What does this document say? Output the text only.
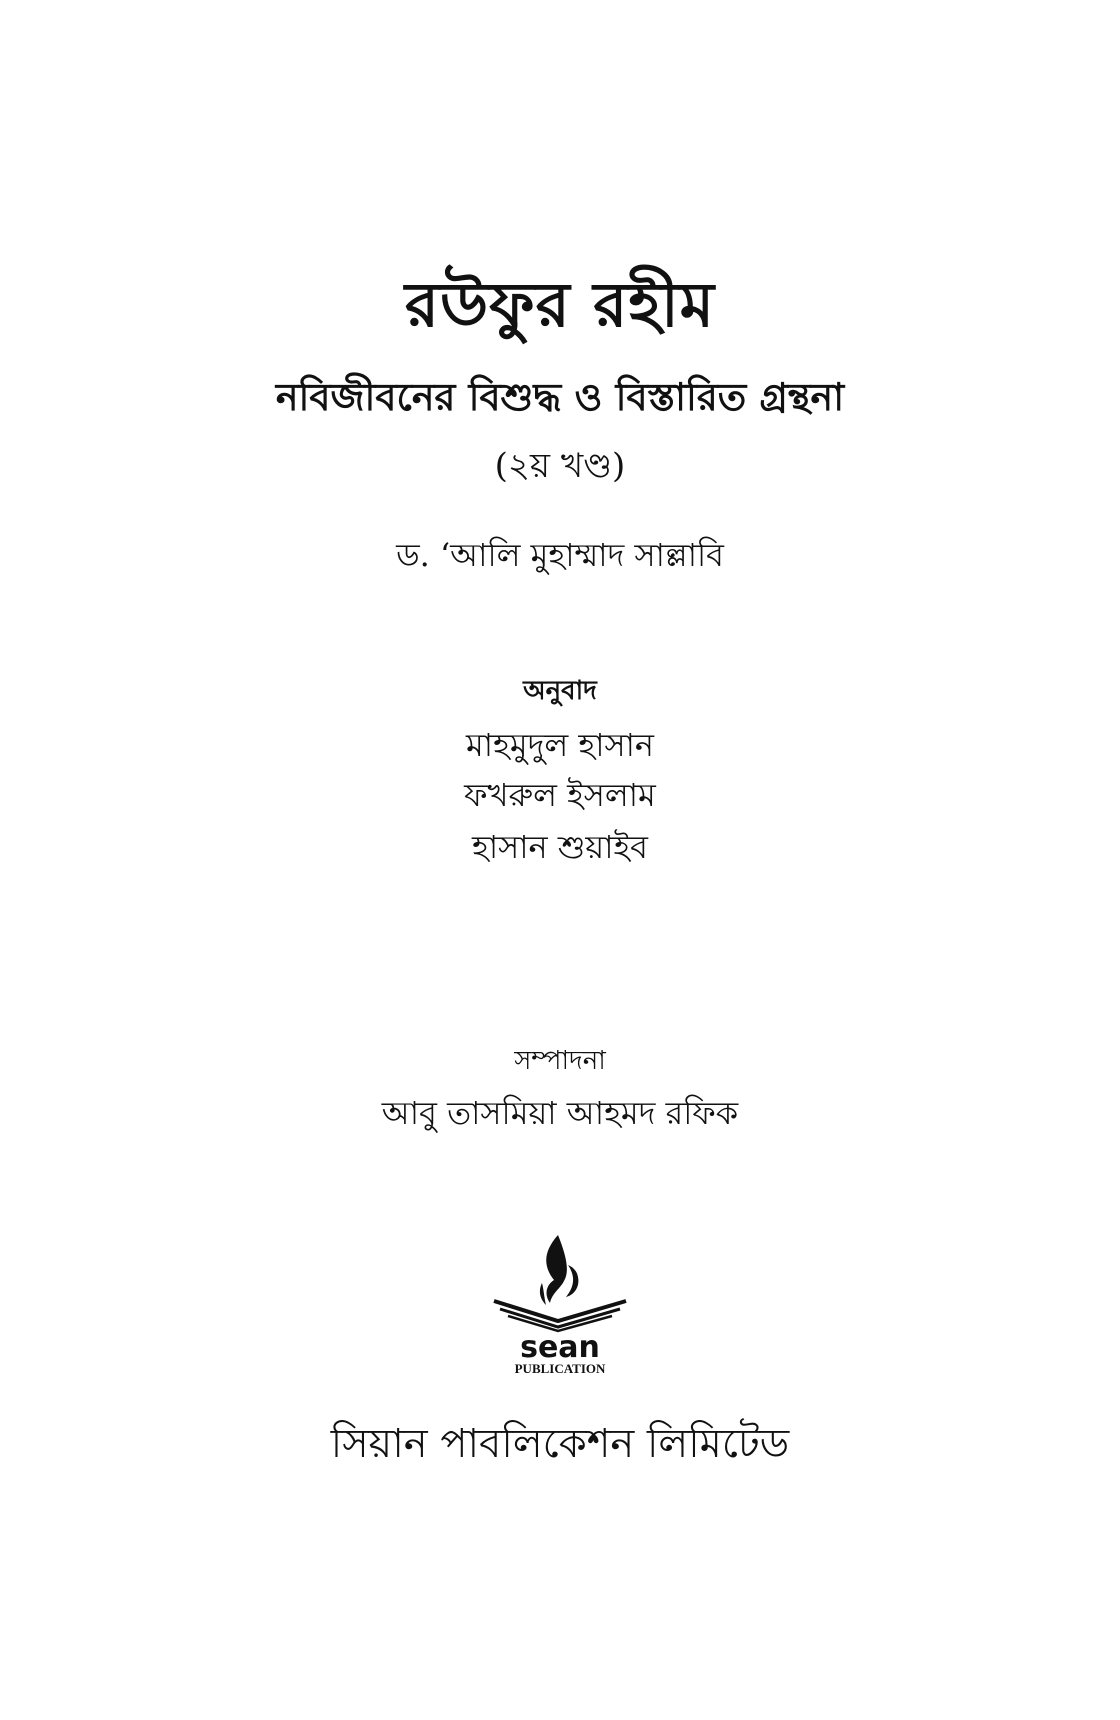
রউফুর রহীম
নবিজীবনের বিশুদ্ধ ও বিস্তারিত গ্রন্থনা
(২য় খণ্ড)
ড. ‘আলি মুহাম্মাদ সাল্লাবি
অনুবাদ
মাহমুদুল হাসান
ফখরুল ইসলাম
হাসান শুয়াইব
সম্পাদনা
আবু তাসমিয়া আহমদ রফিক
sean
PUBLICATION
সিয়ান পাবলিকেশন লিমিটেড
